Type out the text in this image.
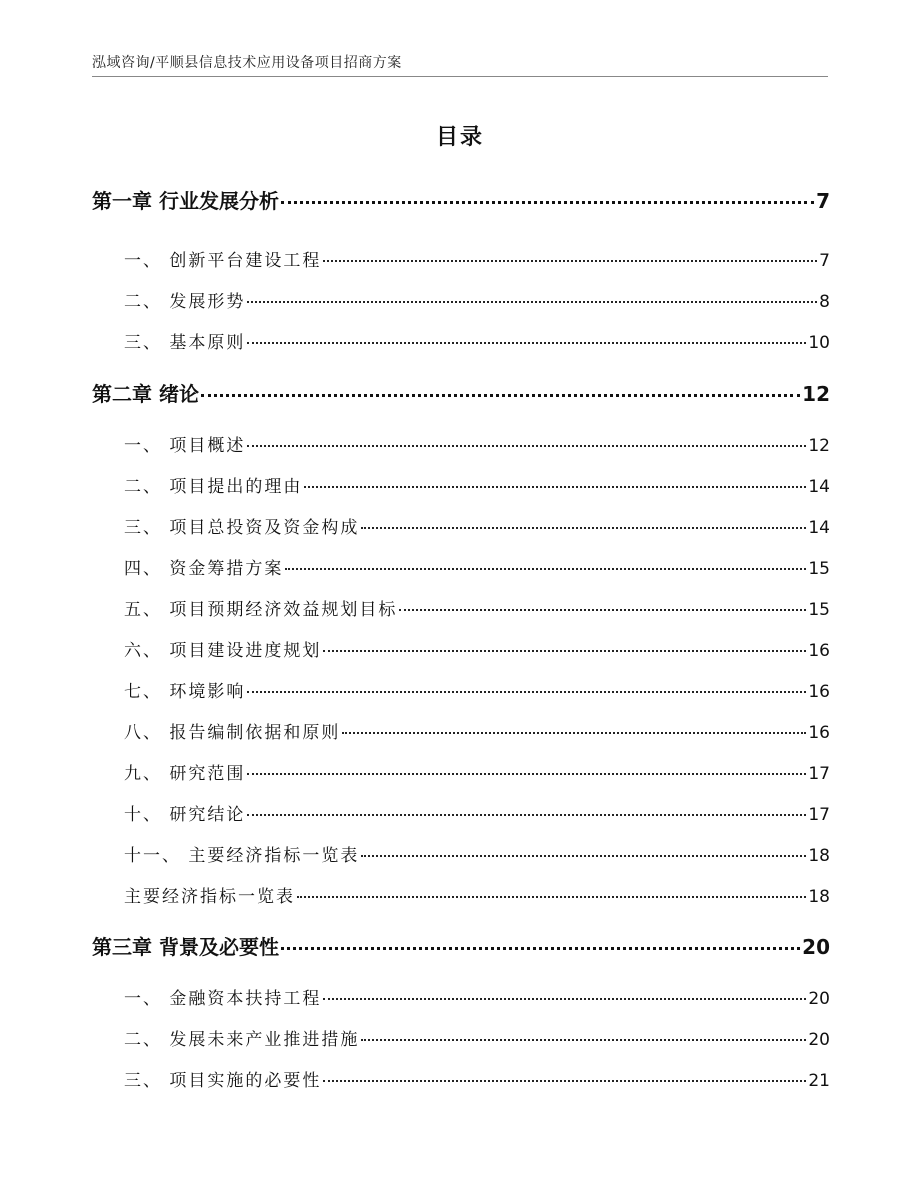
泓域咨询/平顺县信息技术应用设备项目招商方案
目录
第一章 行业发展分析	7
一、 创新平台建设工程	7
二、 发展形势	8
三、 基本原则	10
第二章 绪论	12
一、 项目概述	12
二、 项目提出的理由	14
三、 项目总投资及资金构成	14
四、 资金筹措方案	15
五、 项目预期经济效益规划目标	15
六、 项目建设进度规划	16
七、 环境影响	16
八、 报告编制依据和原则	16
九、 研究范围	17
十、 研究结论	17
十一、 主要经济指标一览表	18
主要经济指标一览表	18
第三章 背景及必要性	20
一、 金融资本扶持工程	20
二、 发展未来产业推进措施	20
三、 项目实施的必要性	21
